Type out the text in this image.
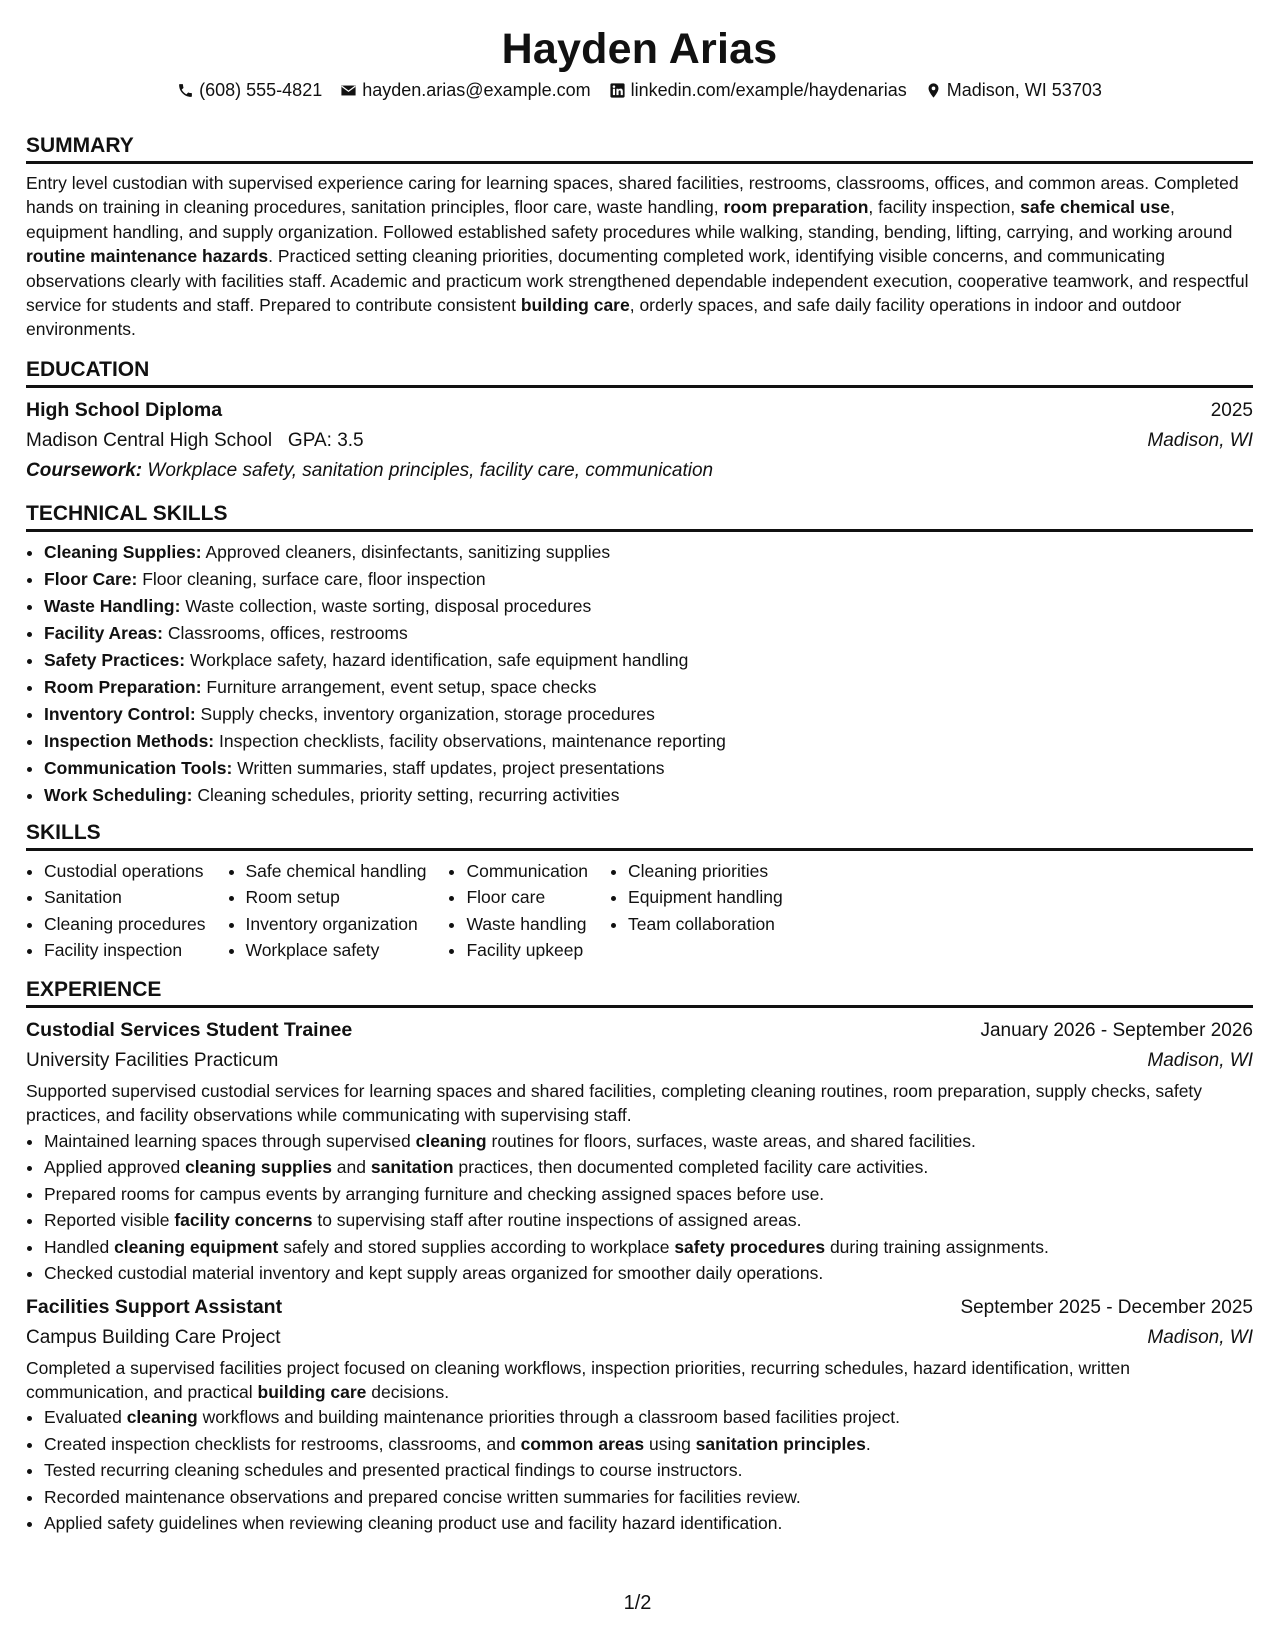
Hayden Arias
(608) 555-4821 hayden.arias@example.com linkedin.com/example/haydenarias Madison, WI 53703
SUMMARY

Entry level custodian with supervised experience caring for learning spaces, shared facilities, restrooms, classrooms, offices, and common areas. Completed hands on training in cleaning procedures, sanitation principles, floor care, waste handling, room preparation, facility inspection, safe chemical use, equipment handling, and supply organization. Followed established safety procedures while walking, standing, bending, lifting, carrying, and working around routine maintenance hazards. Practiced setting cleaning priorities, documenting completed work, identifying visible concerns, and communicating observations clearly with facilities staff. Academic and practicum work strengthened dependable independent execution, cooperative teamwork, and respectful service for students and staff. Prepared to contribute consistent building care, orderly spaces, and safe daily facility operations in indoor and outdoor environments.

EDUCATION
High School Diploma	2025
Madison Central High School GPA: 3.5	Madison, WI
Coursework: Workplace safety, sanitation principles, facility care, communication
TECHNICAL SKILLS
• Cleaning Supplies: Approved cleaners, disinfectants, sanitizing supplies
• Floor Care: Floor cleaning, surface care, floor inspection
• Waste Handling: Waste collection, waste sorting, disposal procedures
• Facility Areas: Classrooms, offices, restrooms
• Safety Practices: Workplace safety, hazard identification, safe equipment handling
• Room Preparation: Furniture arrangement, event setup, space checks
• Inventory Control: Supply checks, inventory organization, storage procedures
• Inspection Methods: Inspection checklists, facility observations, maintenance reporting
• Communication Tools: Written summaries, staff updates, project presentations
• Work Scheduling: Cleaning schedules, priority setting, recurring activities
SKILLS
• Custodial operations
• Sanitation
• Cleaning procedures
• Facility inspection
• Safe chemical handling
• Room setup
• Inventory organization
• Workplace safety
• Communication
• Floor care
• Waste handling
• Facility upkeep
• Cleaning priorities
• Equipment handling
• Team collaboration
EXPERIENCE
Custodial Services Student Trainee	January 2026 - September 2026
University Facilities Practicum	Madison, WI

Supported supervised custodial services for learning spaces and shared facilities, completing cleaning routines, room preparation, supply checks, safety practices, and facility observations while communicating with supervising staff.

• Maintained learning spaces through supervised cleaning routines for floors, surfaces, waste areas, and shared facilities.
• Applied approved cleaning supplies and sanitation practices, then documented completed facility care activities.
• Prepared rooms for campus events by arranging furniture and checking assigned spaces before use.
• Reported visible facility concerns to supervising staff after routine inspections of assigned areas.
• Handled cleaning equipment safely and stored supplies according to workplace safety procedures during training assignments.
• Checked custodial material inventory and kept supply areas organized for smoother daily operations.
Facilities Support Assistant	September 2025 - December 2025
Campus Building Care Project	Madison, WI

Completed a supervised facilities project focused on cleaning workflows, inspection priorities, recurring schedules, hazard identification, written communication, and practical building care decisions.

• Evaluated cleaning workflows and building maintenance priorities through a classroom based facilities project.
• Created inspection checklists for restrooms, classrooms, and common areas using sanitation principles.
• Tested recurring cleaning schedules and presented practical findings to course instructors.
• Recorded maintenance observations and prepared concise written summaries for facilities review.
• Applied safety guidelines when reviewing cleaning product use and facility hazard identification.
1/2
